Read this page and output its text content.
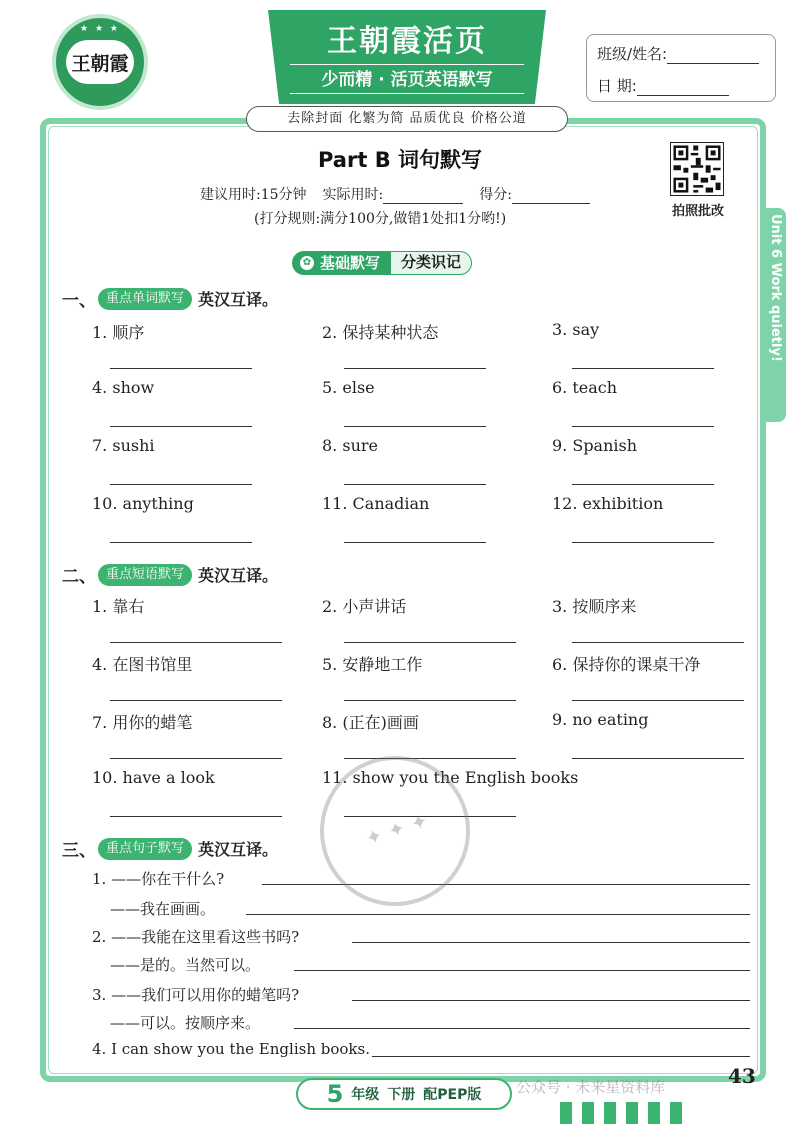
★ ★ ★
王朝霞
王朝霞活页
少而精 · 活页英语默写
去除封面 化繁为简 品质优良 价格公道
班级/姓名:
日 期:
Part B 词句默写
建议用时:15分钟 实际用时:	得分:
(打分规则:满分100分,做错1处扣1分哟!)	拍照批改
Unit 6 Work quietly!
✿ 基础默写	分类识记
一、 重点单词默写 英汉互译。
1. 顺序	2. 保持某种状态	3. say
4. show	5. else	6. teach
7. sushi	8. sure	9. Spanish
10. anything	11. Canadian	12. exhibition
二、 重点短语默写 英汉互译。
1. 靠右	2. 小声讲话	3. 按顺序来
4. 在图书馆里	5. 安静地工作	6. 保持你的课桌干净
7. 用你的蜡笔	8. (正在)画画	9. no eating
10. have a look	11. show you the English books
三、 重点句子默写 英汉互译。
1. ——你在干什么?
——我在画画。
2. ——我能在这里看这些书吗?
——是的。当然可以。
3. ——我们可以用你的蜡笔吗?
——可以。按顺序来。
4. I can show you the English books.
✦ ✦ ✦
5 年级 下册 配PEP版 公众号 · 未来星资料库	43
